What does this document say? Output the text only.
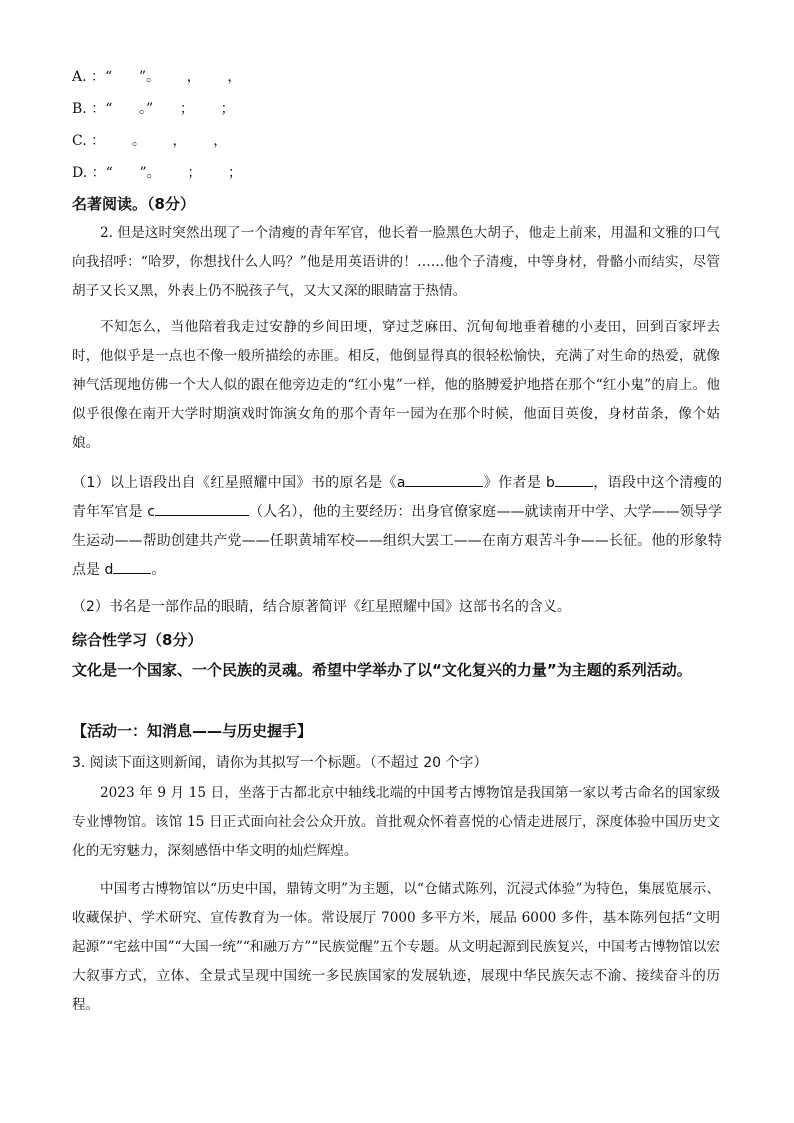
A. ：“      ”。      ，      ，
B. ：“      。”      ；      ；
C. ：      。      ，      ，
D. ：“      ”。      ；      ；
名著阅读。（8分）
2. 但是这时突然出现了一个清瘦的青年军官，他长着一脸黑色大胡子，他走上前来，用温和文雅的口气向我招呼：“哈罗，你想找什么人吗？”他是用英语讲的！……他个子清瘦，中等身材，骨骼小而结实，尽管胡子又长又黑，外表上仍不脱孩子气，又大又深的眼睛富于热情。
不知怎么，当他陪着我走过安静的乡间田埂，穿过芝麻田、沉甸甸地垂着穗的小麦田，回到百家坪去时，他似乎是一点也不像一般所描绘的赤匪。相反，他倒显得真的很轻松愉快，充满了对生命的热爱，就像神气活现地仿佛一个大人似的跟在他旁边走的“红小鬼”一样，他的胳膊爱护地搭在那个“红小鬼”的肩上。他似乎很像在南开大学时期演戏时饰演女角的那个青年一园为在那个时候，他面目英俊，身材苗条，像个姑娘。
（1）以上语段出自《红星照耀中国》书的原名是《a	》作者是 b	，语段中这个清瘦的青年军官是 c	（人名），他的主要经历：出身官僚家庭——就读南开中学、大学——领导学生运动——帮助创建共产党——任职黄埔军校——组织大罢工——在南方艰苦斗争——长征。他的形象特点是 d	。
（2）书名是一部作品的眼睛，结合原著简评《红星照耀中国》这部书名的含义。
综合性学习（8分）
文化是一个国家、一个民族的灵魂。希望中学举办了以“文化复兴的力量”为主题的系列活动。
【活动一：知消息——与历史握手】
3. 阅读下面这则新闻，请你为其拟写一个标题。（不超过 20 个字）
2023 年 9 月 15 日，坐落于古都北京中轴线北端的中国考古博物馆是我国第一家以考古命名的国家级专业博物馆。该馆 15 日正式面向社会公众开放。首批观众怀着喜悦的心情走进展厅，深度体验中国历史文化的无穷魅力，深刻感悟中华文明的灿烂辉煌。
中国考古博物馆以“历史中国，鼎铸文明”为主题，以“仓储式陈列，沉浸式体验”为特色，集展览展示、收藏保护、学术研究、宣传教育为一体。常设展厅 7000 多平方米，展品 6000 多件，基本陈列包括“文明起源”“宅兹中国”“大国一统”“和融万方”“民族觉醒”五个专题。从文明起源到民族复兴，中国考古博物馆以宏大叙事方式，立体、全景式呈现中国统一多民族国家的发展轨迹，展现中华民族矢志不渝、接续奋斗的历程。
